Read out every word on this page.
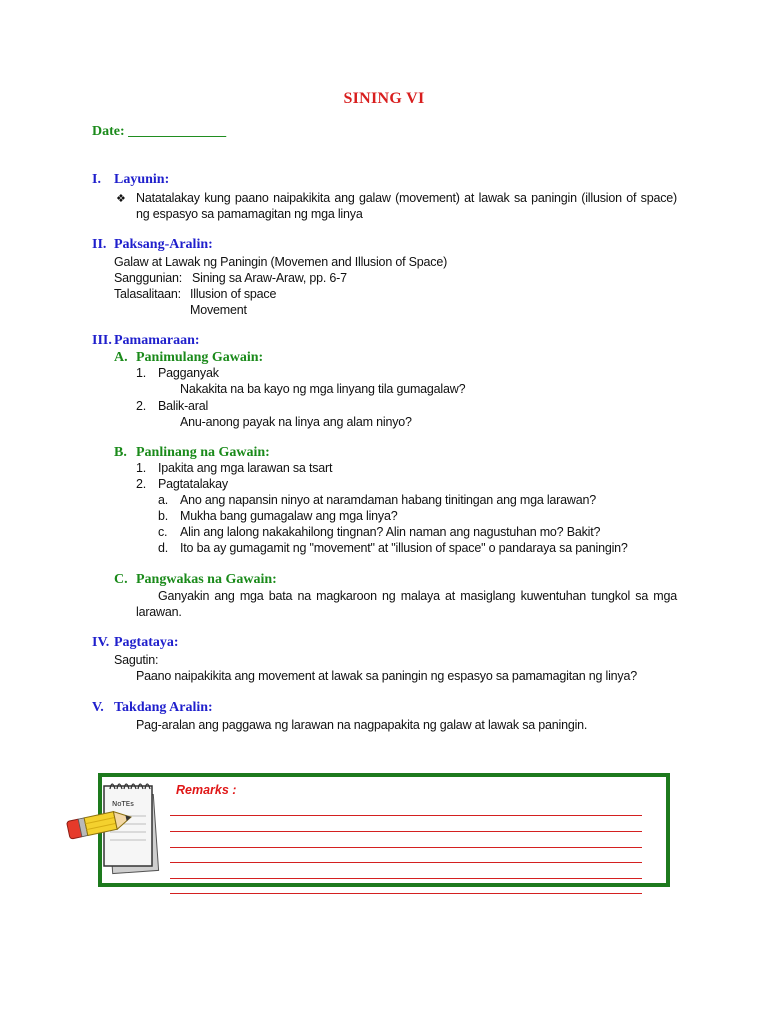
SINING VI
Date: ______________
I. Layunin:
❖ Natatalakay kung paano naipakikita ang galaw (movement) at lawak sa paningin (illusion of space) ng espasyo sa pamamagitan ng mga linya
II. Paksang-Aralin:
Galaw at Lawak ng Paningin (Movemen and Illusion of Space)
Sanggunian: Sining sa Araw-Araw, pp. 6-7
Talasalitaan: Illusion of space
Movement
III. Pamamaraan:
A. Panimulang Gawain:
1. Pagganyak
Nakakita na ba kayo ng mga linyang tila gumagalaw?
2. Balik-aral
Anu-anong payak na linya ang alam ninyo?
B. Panlinang na Gawain:
1. Ipakita ang mga larawan sa tsart
2. Pagtatalakay
a. Ano ang napansin ninyo at naramdaman habang tinitingan ang mga larawan?
b. Mukha bang gumagalaw ang mga linya?
c. Alin ang lalong nakakahilong tingnan? Alin naman ang nagustuhan mo? Bakit?
d. Ito ba ay gumagamit ng "movement" at "illusion of space" o pandaraya sa paningin?
C. Pangwakas na Gawain:
Ganyakin ang mga bata na magkaroon ng malaya at masiglang kuwentuhan tungkol sa mga
larawan.
IV. Pagtataya:
Sagutin:
Paano naipakikita ang movement at lawak sa paningin ng espasyo sa pamamagitan ng linya?
V. Takdang Aralin:
Pag-aralan ang paggawa ng larawan na nagpapakita ng galaw at lawak sa paningin.
NoTEs
Remarks :
